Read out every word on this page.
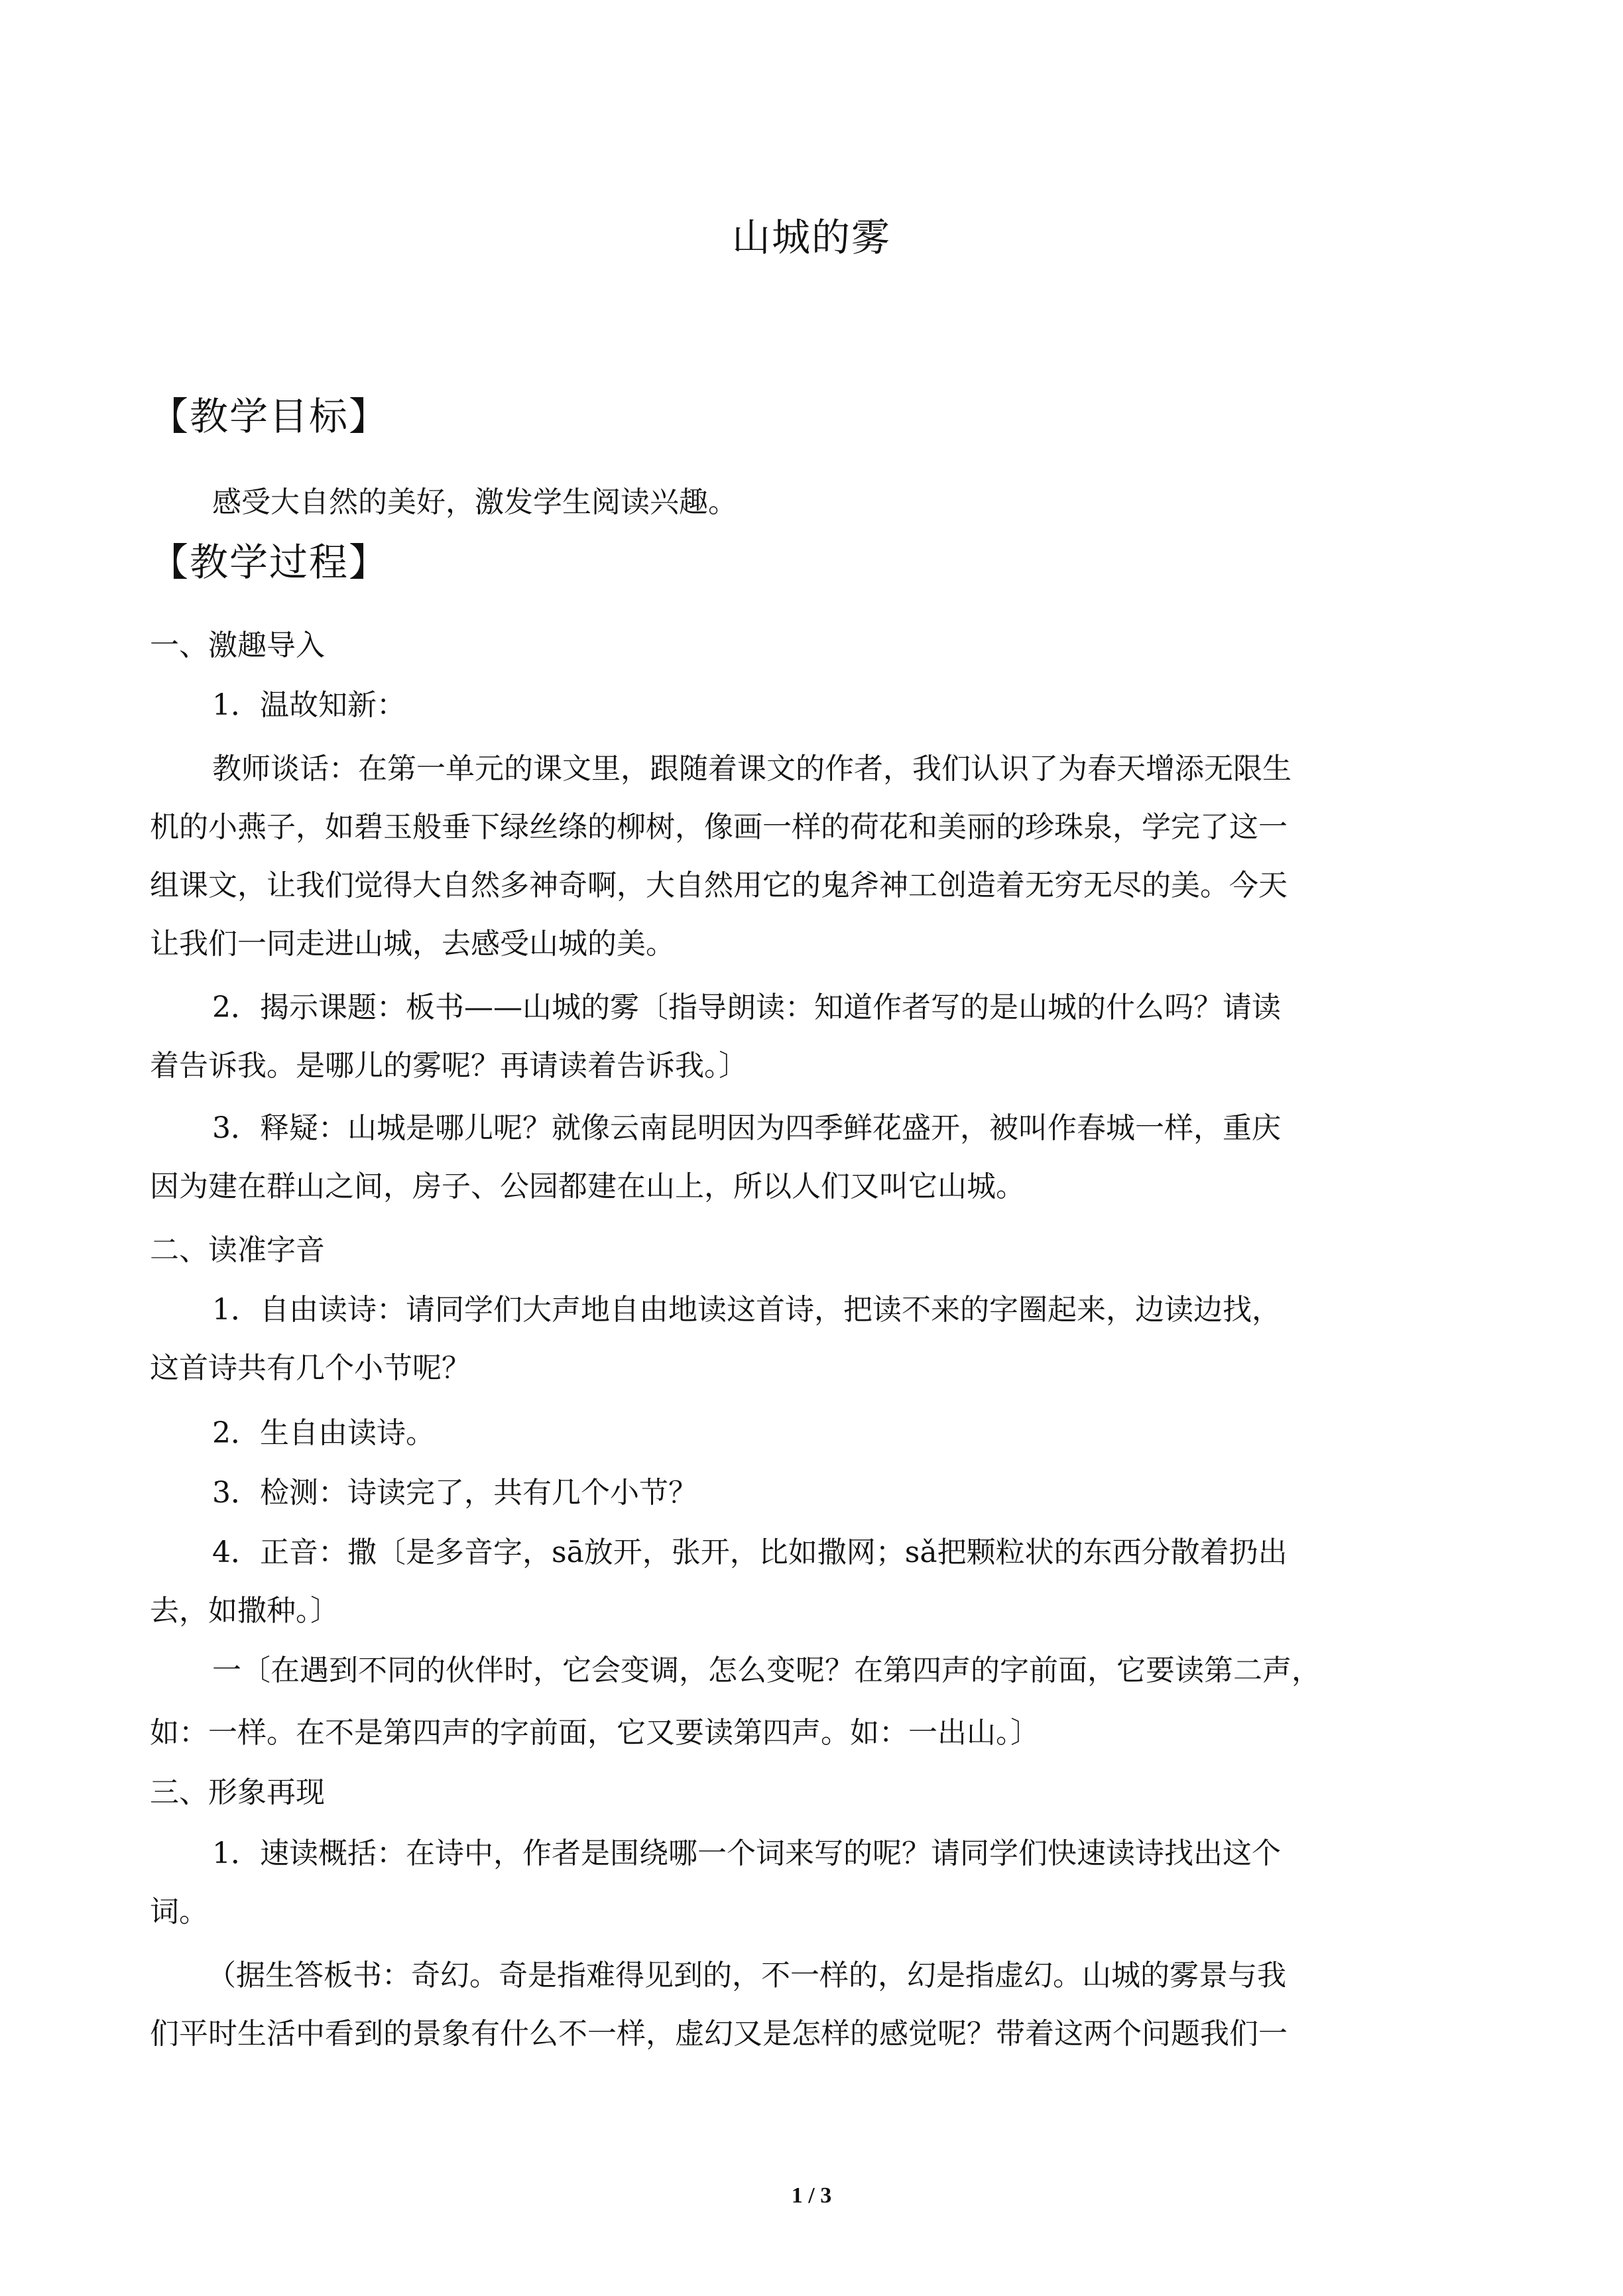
山城的雾
【教学目标】
感受大自然的美好，激发学生阅读兴趣。
【教学过程】
一、激趣导入
1．温故知新：
教师谈话：在第一单元的课文里，跟随着课文的作者，我们认识了为春天增添无限生
机的小燕子，如碧玉般垂下绿丝绦的柳树，像画一样的荷花和美丽的珍珠泉，学完了这一
组课文，让我们觉得大自然多神奇啊，大自然用它的鬼斧神工创造着无穷无尽的美。今天
让我们一同走进山城，去感受山城的美。
2．揭示课题：板书——山城的雾〔指导朗读：知道作者写的是山城的什么吗？请读
着告诉我。是哪儿的雾呢？再请读着告诉我。〕
3．释疑：山城是哪儿呢？就像云南昆明因为四季鲜花盛开，被叫作春城一样，重庆
因为建在群山之间，房子、公园都建在山上，所以人们又叫它山城。
二、读准字音
1．自由读诗：请同学们大声地自由地读这首诗，把读不来的字圈起来，边读边找，
这首诗共有几个小节呢？
2．生自由读诗。
3．检测：诗读完了，共有几个小节？
4．正音：撒〔是多音字，sā放开，张开，比如撒网；sǎ把颗粒状的东西分散着扔出
去，如撒种。〕
一〔在遇到不同的伙伴时，它会变调，怎么变呢？在第四声的字前面，它要读第二声，
如：一样。在不是第四声的字前面，它又要读第四声。如：一出山。〕
三、形象再现
1．速读概括：在诗中，作者是围绕哪一个词来写的呢？请同学们快速读诗找出这个
词。
（据生答板书：奇幻。奇是指难得见到的，不一样的，幻是指虚幻。山城的雾景与我
们平时生活中看到的景象有什么不一样，虚幻又是怎样的感觉呢？带着这两个问题我们一
1 / 3
